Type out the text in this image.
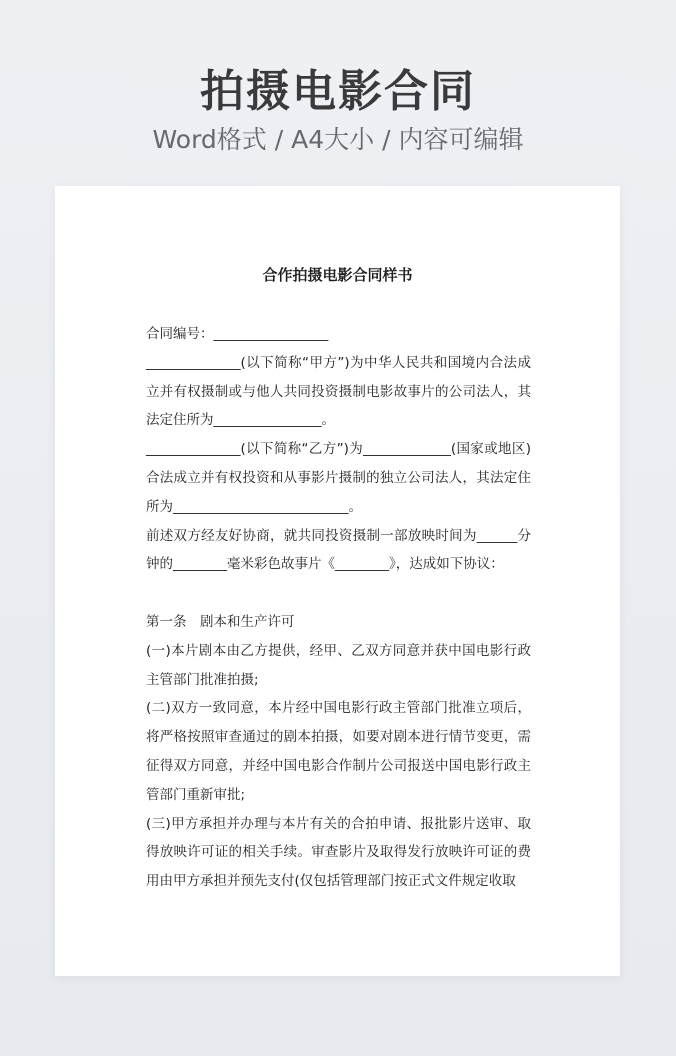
拍摄电影合同
Word格式 / A4大小 / 内容可编辑
合作拍摄电影合同样书

合同编号：_________________

______________(以下简称“甲方”)为中华人民共和国境内合法成立并有权摄制或与他人共同投资摄制电影故事片的公司法人，其法定住所为________________。

______________(以下简称“乙方”)为_____________(国家或地区)合法成立并有权投资和从事影片摄制的独立公司法人，其法定住所为__________________________。

前述双方经友好协商，就共同投资摄制一部放映时间为______分钟的________毫米彩色故事片《________》，达成如下协议：

第一条　剧本和生产许可

(一)本片剧本由乙方提供，经甲、乙双方同意并获中国电影行政主管部门批准拍摄;

(二)双方一致同意，本片经中国电影行政主管部门批准立项后，将严格按照审查通过的剧本拍摄，如要对剧本进行情节变更，需征得双方同意，并经中国电影合作制片公司报送中国电影行政主管部门重新审批;

(三)甲方承担并办理与本片有关的合拍申请、报批影片送审、取得放映许可证的相关手续。审查影片及取得发行放映许可证的费用由甲方承担并预先支付(仅包括管理部门按正式文件规定收取
